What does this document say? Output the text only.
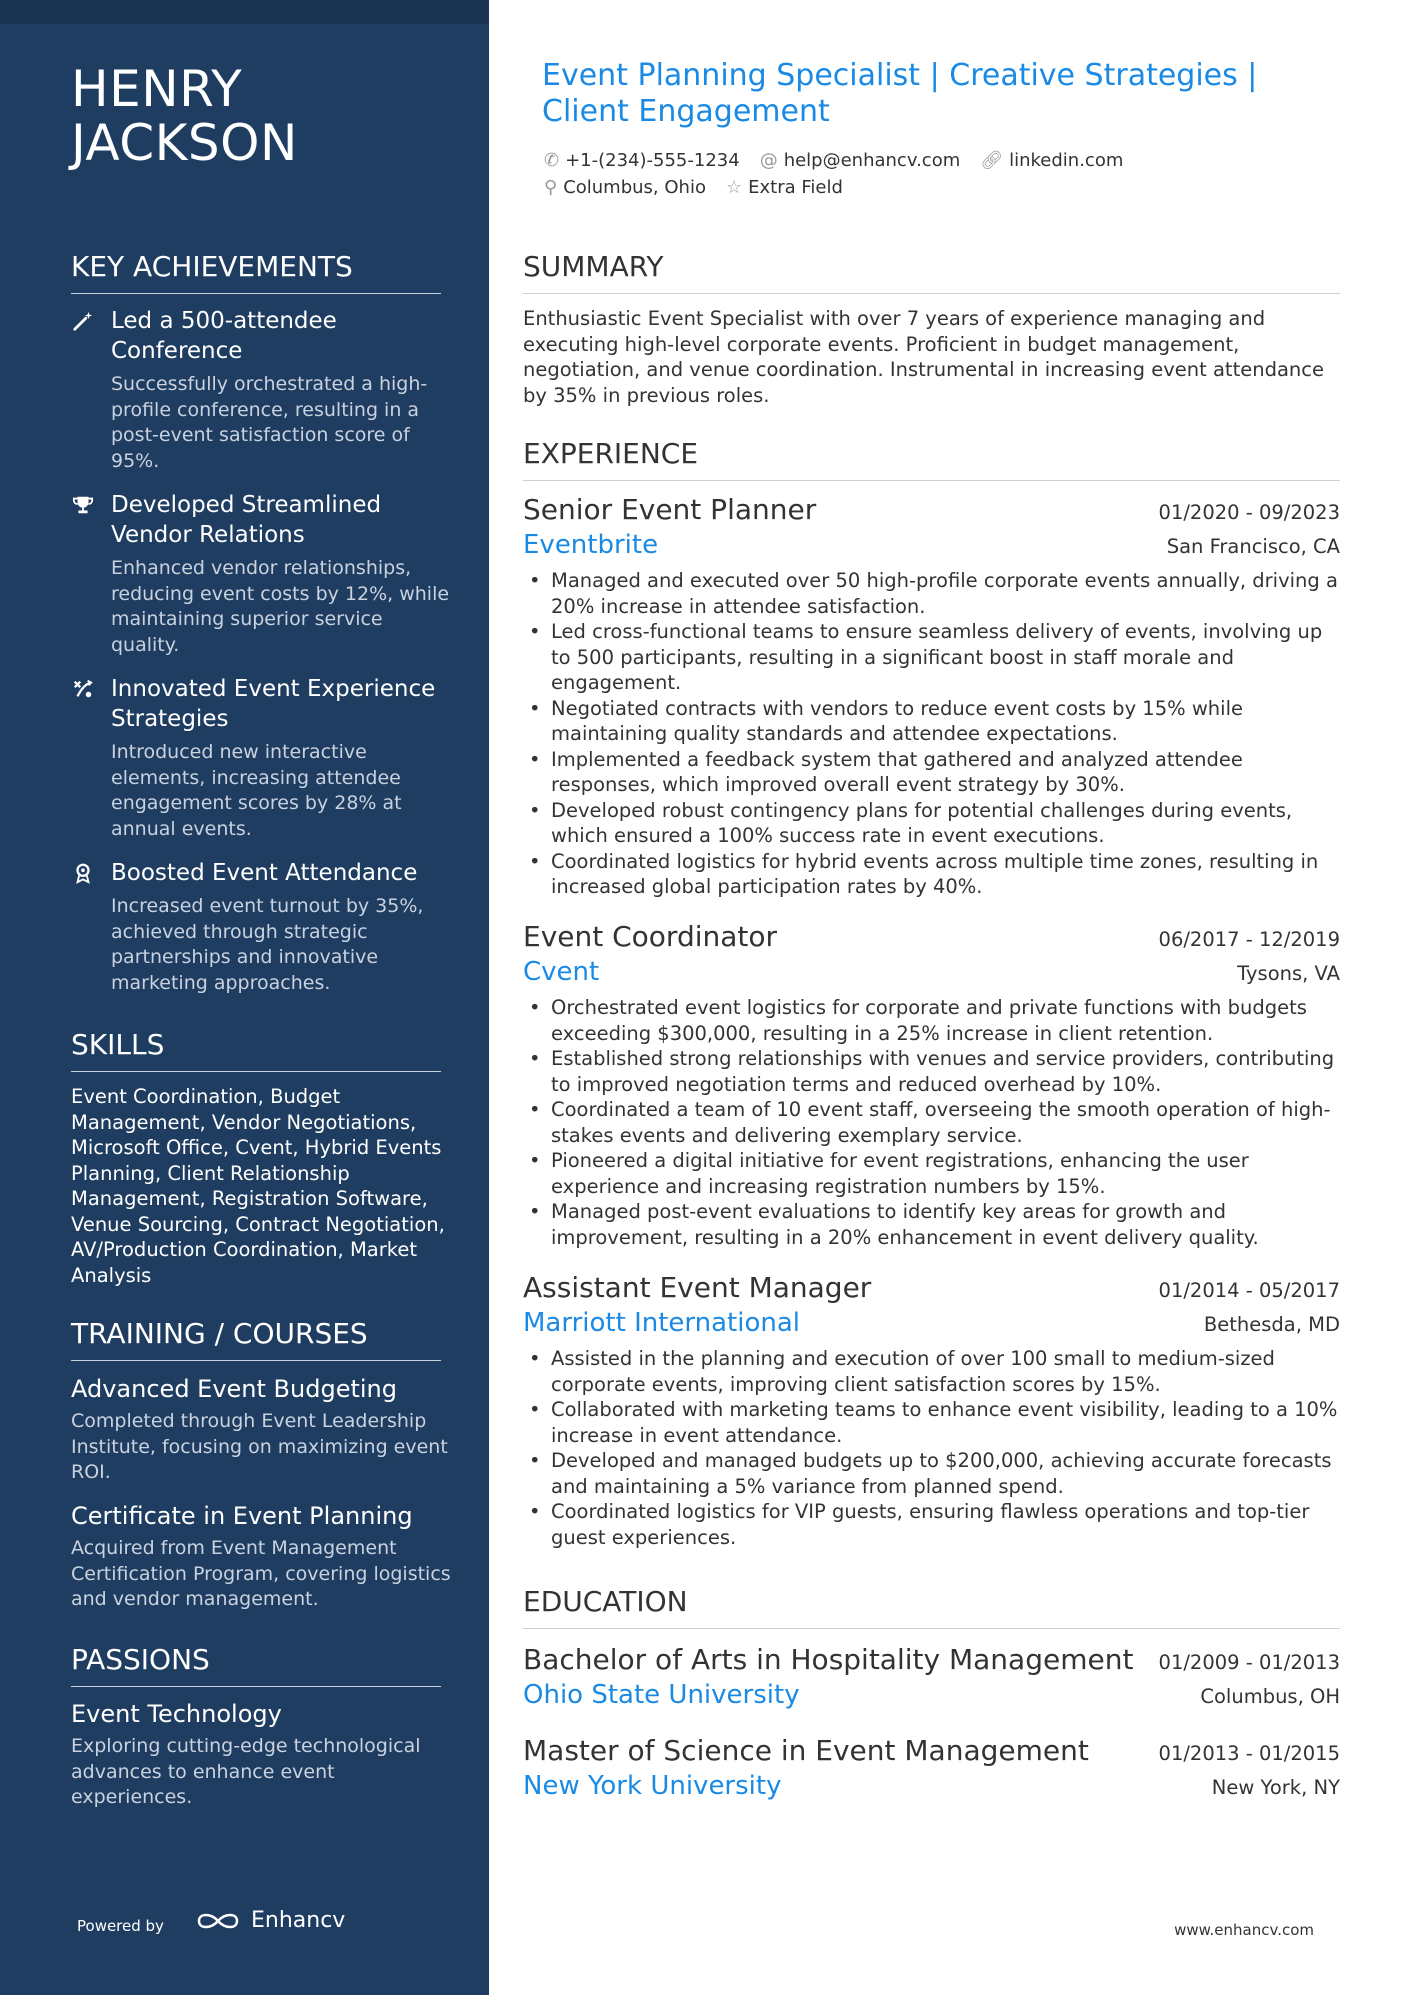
HENRY
JACKSON
KEY ACHIEVEMENTS
Led a 500-attendee Conference
Successfully orchestrated a high-profile conference, resulting in a post-event satisfaction score of 95%.
Developed Streamlined Vendor Relations
Enhanced vendor relationships, reducing event costs by 12%, while maintaining superior service quality.
Innovated Event Experience Strategies
Introduced new interactive elements, increasing attendee engagement scores by 28% at annual events.
Boosted Event Attendance
Increased event turnout by 35%, achieved through strategic partnerships and innovative marketing approaches.
SKILLS
Event Coordination, Budget Management, Vendor Negotiations, Microsoft Office, Cvent, Hybrid Events Planning, Client Relationship Management, Registration Software, Venue Sourcing, Contract Negotiation, AV/Production Coordination, Market Analysis
TRAINING / COURSES
Advanced Event Budgeting
Completed through Event Leadership Institute, focusing on maximizing event ROI.
Certificate in Event Planning
Acquired from Event Management Certification Program, covering logistics and vendor management.
PASSIONS
Event Technology
Exploring cutting-edge technological advances to enhance event experiences.
Powered by	Enhancv
Event Planning Specialist | Creative Strategies | Client Engagement
✆ +1-(234)-555-1234 @ help@enhancv.com 🔗︎ linkedin.com
⚲ Columbus, Ohio ☆ Extra Field
SUMMARY
Enthusiastic Event Specialist with over 7 years of experience managing and executing high-level corporate events. Proficient in budget management, negotiation, and venue coordination. Instrumental in increasing event attendance by 35% in previous roles.
EXPERIENCE
Senior Event Planner	01/2020 - 09/2023
Eventbrite	San Francisco, CA
• Managed and executed over 50 high-profile corporate events annually, driving a 20% increase in attendee satisfaction.
• Led cross-functional teams to ensure seamless delivery of events, involving up to 500 participants, resulting in a significant boost in staff morale and engagement.
• Negotiated contracts with vendors to reduce event costs by 15% while maintaining quality standards and attendee expectations.
• Implemented a feedback system that gathered and analyzed attendee responses, which improved overall event strategy by 30%.
• Developed robust contingency plans for potential challenges during events, which ensured a 100% success rate in event executions.
• Coordinated logistics for hybrid events across multiple time zones, resulting in increased global participation rates by 40%.
Event Coordinator	06/2017 - 12/2019
Cvent	Tysons, VA
• Orchestrated event logistics for corporate and private functions with budgets exceeding $300,000, resulting in a 25% increase in client retention.
• Established strong relationships with venues and service providers, contributing to improved negotiation terms and reduced overhead by 10%.
• Coordinated a team of 10 event staff, overseeing the smooth operation of high-stakes events and delivering exemplary service.
• Pioneered a digital initiative for event registrations, enhancing the user experience and increasing registration numbers by 15%.
• Managed post-event evaluations to identify key areas for growth and improvement, resulting in a 20% enhancement in event delivery quality.
Assistant Event Manager	01/2014 - 05/2017
Marriott International	Bethesda, MD
• Assisted in the planning and execution of over 100 small to medium-sized corporate events, improving client satisfaction scores by 15%.
• Collaborated with marketing teams to enhance event visibility, leading to a 10% increase in event attendance.
• Developed and managed budgets up to $200,000, achieving accurate forecasts and maintaining a 5% variance from planned spend.
• Coordinated logistics for VIP guests, ensuring flawless operations and top-tier guest experiences.
EDUCATION
Bachelor of Arts in Hospitality Management 01/2009 - 01/2013
Ohio State University	Columbus, OH
Master of Science in Event Management	01/2013 - 01/2015
New York University	New York, NY
www.enhancv.com
